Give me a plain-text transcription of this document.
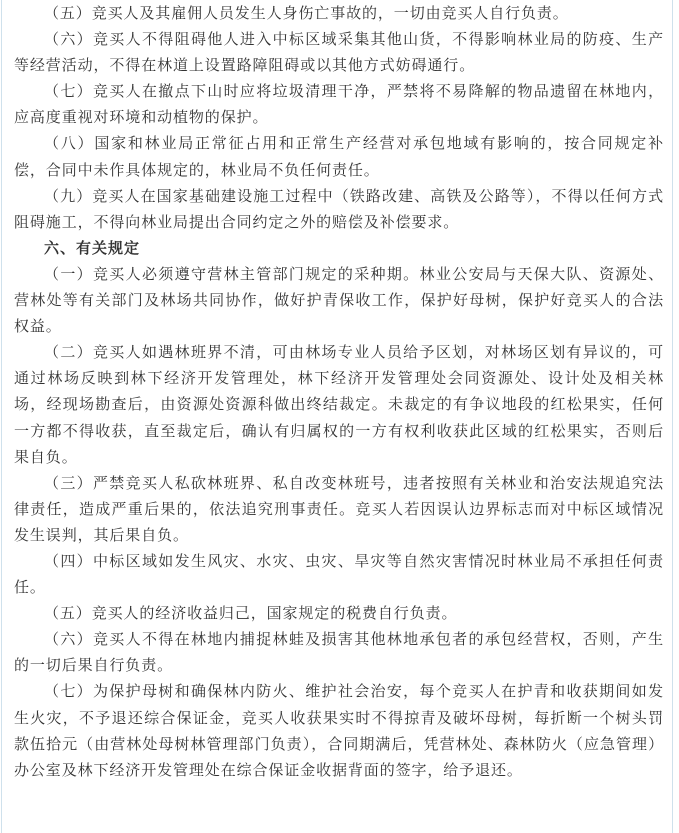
（五）竞买人及其雇佣人员发生人身伤亡事故的，一切由竞买人自行负责。

（六）竞买人不得阻碍他人进入中标区域采集其他山货，不得影响林业局的防疫、生产等经营活动，不得在林道上设置路障阻碍或以其他方式妨碍通行。

（七）竞买人在撤点下山时应将垃圾清理干净，严禁将不易降解的物品遗留在林地内，应高度重视对环境和动植物的保护。

（八）国家和林业局正常征占用和正常生产经营对承包地域有影响的，按合同规定补偿，合同中未作具体规定的，林业局不负任何责任。

（九）竞买人在国家基础建设施工过程中（铁路改建、高铁及公路等），不得以任何方式阻碍施工，不得向林业局提出合同约定之外的赔偿及补偿要求。

六、有关规定

（一）竞买人必须遵守营林主管部门规定的采种期。林业公安局与天保大队、资源处、营林处等有关部门及林场共同协作，做好护青保收工作，保护好母树，保护好竞买人的合法权益。

（二）竞买人如遇林班界不清，可由林场专业人员给予区划，对林场区划有异议的，可通过林场反映到林下经济开发管理处，林下经济开发管理处会同资源处、设计处及相关林场，经现场勘查后，由资源处资源科做出终结裁定。未裁定的有争议地段的红松果实，任何一方都不得收获，直至裁定后，确认有归属权的一方有权利收获此区域的红松果实，否则后果自负。

（三）严禁竞买人私砍林班界、私自改变林班号，违者按照有关林业和治安法规追究法律责任，造成严重后果的，依法追究刑事责任。竞买人若因误认边界标志而对中标区域情况发生误判，其后果自负。

（四）中标区域如发生风灾、水灾、虫灾、旱灾等自然灾害情况时林业局不承担任何责任。

（五）竞买人的经济收益归己，国家规定的税费自行负责。

（六）竞买人不得在林地内捕捉林蛙及损害其他林地承包者的承包经营权，否则，产生的一切后果自行负责。

（七）为保护母树和确保林内防火、维护社会治安，每个竞买人在护青和收获期间如发生火灾，不予退还综合保证金，竞买人收获果实时不得掠青及破坏母树，每折断一个树头罚款伍拾元（由营林处母树林管理部门负责），合同期满后，凭营林处、森林防火（应急管理）办公室及林下经济开发管理处在综合保证金收据背面的签字，给予退还。
